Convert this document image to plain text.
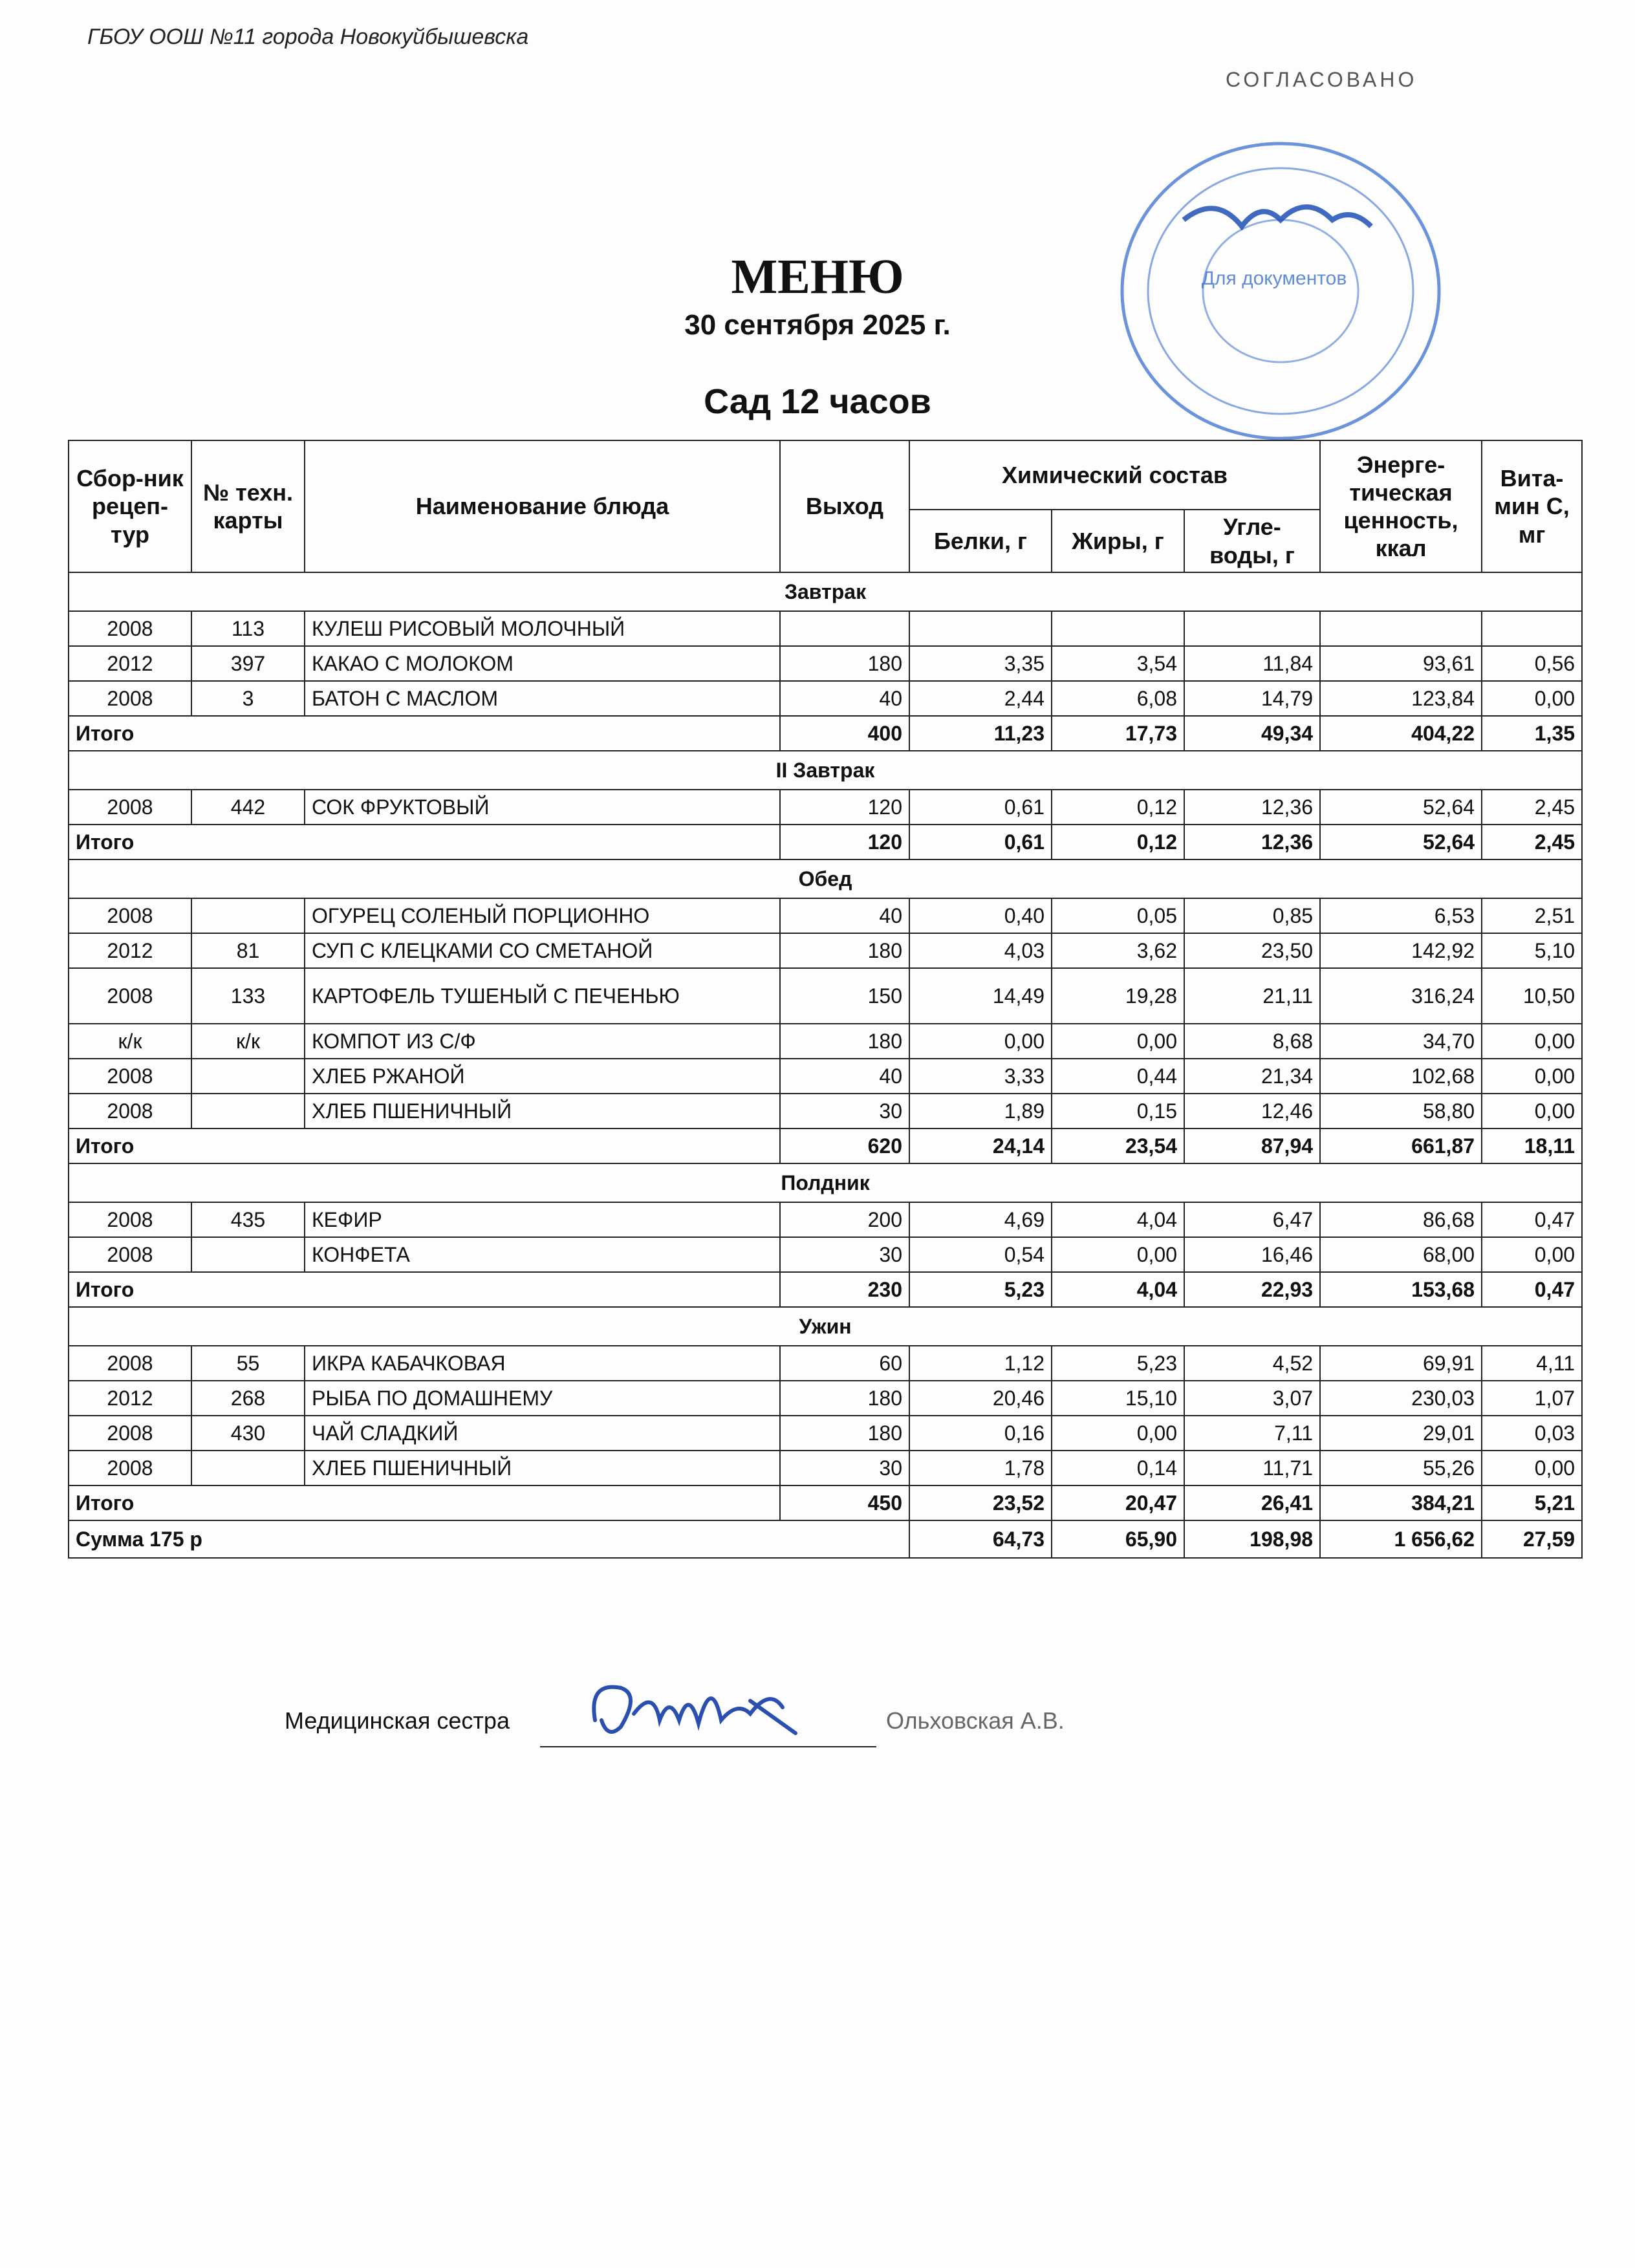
ГБОУ ООШ №11 города Новокуйбышевска
СОГЛАСОВАНО
Для документов
МЕНЮ
30 сентября 2025 г.
Сад 12 часов
Сбор-ник рецеп-тур	№ техн. карты	Наименование блюда	Выход	Химический состав			Энерге-тическая ценность, ккал	Вита-мин С, мг
				Белки, г	Жиры, г	Угле-воды, г		
Завтрак								
2008	113	КУЛЕШ РИСОВЫЙ МОЛОЧНЫЙ						
2012	397	КАКАО С МОЛОКОМ	180	3,35	3,54	11,84	93,61	0,56
2008	3	БАТОН С МАСЛОМ	40	2,44	6,08	14,79	123,84	0,00
Итого			400	11,23	17,73	49,34	404,22	1,35
II Завтрак								
2008	442	СОК ФРУКТОВЫЙ	120	0,61	0,12	12,36	52,64	2,45
Итого			120	0,61	0,12	12,36	52,64	2,45
Обед								
2008		ОГУРЕЦ СОЛЕНЫЙ ПОРЦИОННО	40	0,40	0,05	0,85	6,53	2,51
2012	81	СУП С КЛЕЦКАМИ СО СМЕТАНОЙ	180	4,03	3,62	23,50	142,92	5,10
2008	133	КАРТОФЕЛЬ ТУШЕНЫЙ С ПЕЧЕНЬЮ	150	14,49	19,28	21,11	316,24	10,50
к/к	к/к	КОМПОТ ИЗ С/Ф	180	0,00	0,00	8,68	34,70	0,00
2008		ХЛЕБ РЖАНОЙ	40	3,33	0,44	21,34	102,68	0,00
2008		ХЛЕБ ПШЕНИЧНЫЙ	30	1,89	0,15	12,46	58,80	0,00
Итого			620	24,14	23,54	87,94	661,87	18,11
Полдник								
2008	435	КЕФИР	200	4,69	4,04	6,47	86,68	0,47
2008		КОНФЕТА	30	0,54	0,00	16,46	68,00	0,00
Итого			230	5,23	4,04	22,93	153,68	0,47
Ужин								
2008	55	ИКРА КАБАЧКОВАЯ	60	1,12	5,23	4,52	69,91	4,11
2012	268	РЫБА ПО ДОМАШНЕМУ	180	20,46	15,10	3,07	230,03	1,07
2008	430	ЧАЙ СЛАДКИЙ	180	0,16	0,00	7,11	29,01	0,03
2008		ХЛЕБ ПШЕНИЧНЫЙ	30	1,78	0,14	11,71	55,26	0,00
Итого			450	23,52	20,47	26,41	384,21	5,21
Сумма 175 р				64,73	65,90	198,98	1 656,62	27,59
Медицинская сестра	Ольховская А.В.
